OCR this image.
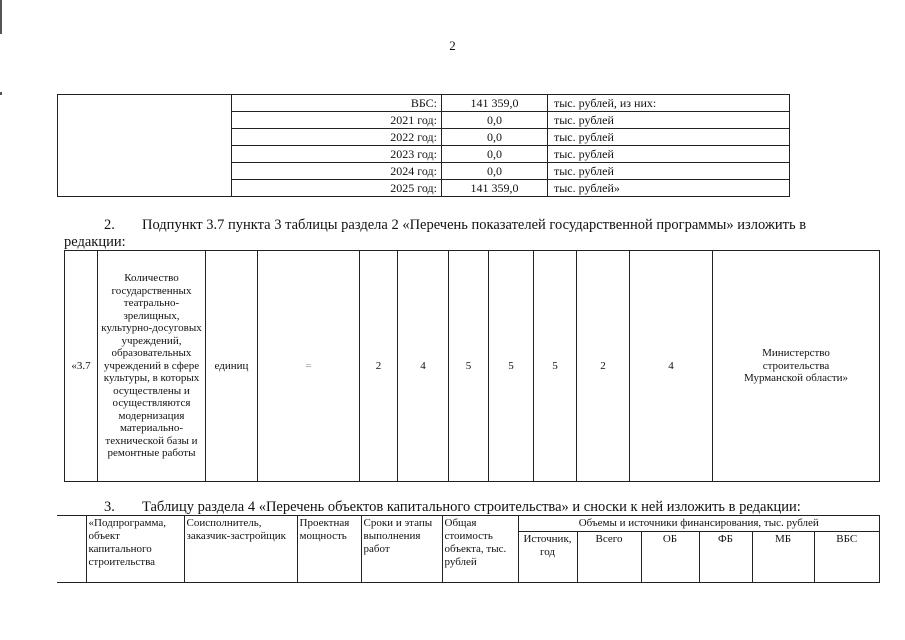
2
	ВБС:	141 359,0	тыс. рублей, из них:
	2021 год:	0,0	тыс. рублей
	2022 год:	0,0	тыс. рублей
	2023 год:	0,0	тыс. рублей
	2024 год:	0,0	тыс. рублей
	2025 год:	141 359,0	тыс. рублей»
2. Подпункт 3.7 пункта 3 таблицы раздела 2 «Перечень показателей государственной программы» изложить в
редакции:
«3.7	Количество государственных театрально-зрелищных, культурно-досуговых учреждений, образовательных учреждений в сфере культуры, в которых осуществлены и осуществляются модернизация материально-технической базы и ремонтные работы	единиц	=	2	4	5	5	5	2	4	Министерство строительства Мурманской области»
3. Таблицу раздела 4 «Перечень объектов капитального строительства» и сноски к ней изложить в редакции:
	«Подпрограмма, объект капитального строительства	Соисполнитель, заказчик-застройщик	Проектная мощность	Сроки и этапы выполнения работ	Общая стоимость объекта, тыс. рублей	Объемы и источники финансирования, тыс. рублей					
						Источник, год	Всего	ОБ	ФБ	МБ	ВБС
